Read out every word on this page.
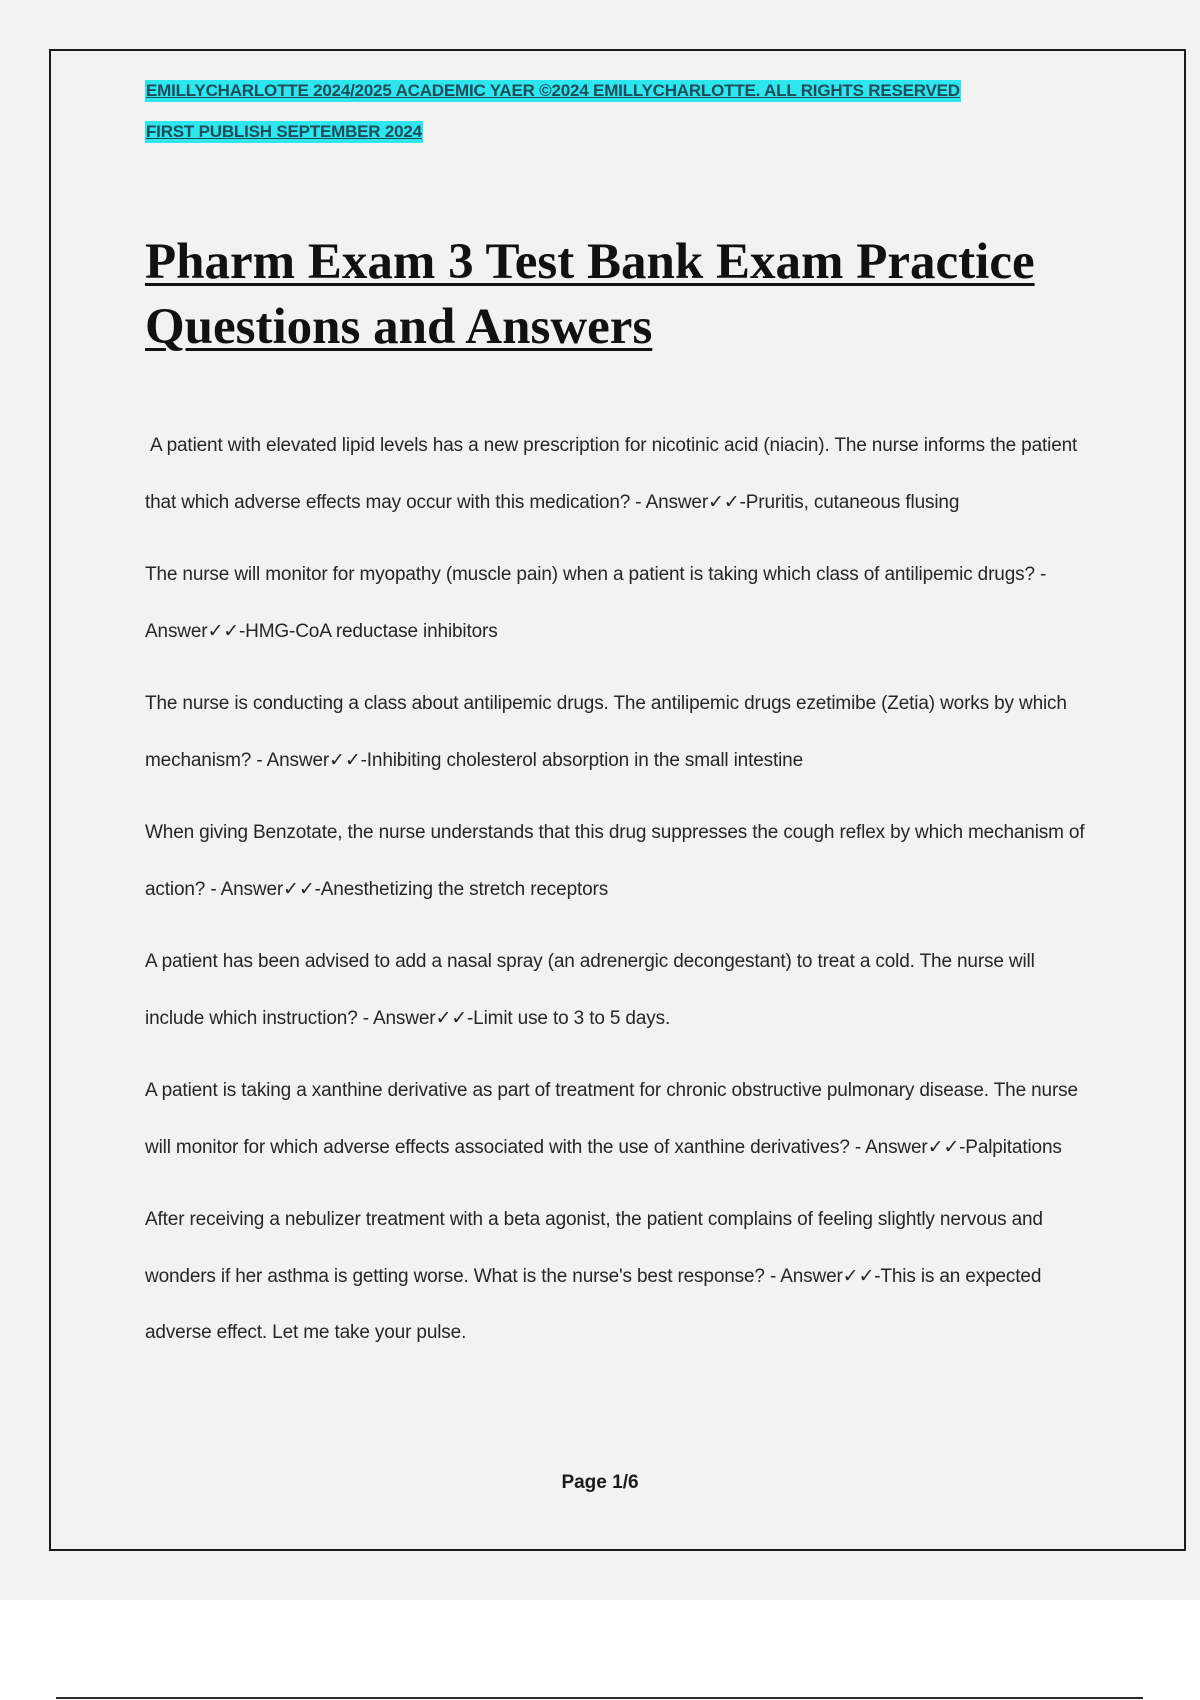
EMILLYCHARLOTTE 2024/2025 ACADEMIC YAER ©2024 EMILLYCHARLOTTE. ALL RIGHTS RESERVED
FIRST PUBLISH SEPTEMBER 2024
Pharm Exam 3 Test Bank Exam Practice
Questions and Answers

A patient with elevated lipid levels has a new prescription for nicotinic acid (niacin). The nurse informs the patient that which adverse effects may occur with this medication? - Answer✓✓-Pruritis, cutaneous flusing

The nurse will monitor for myopathy (muscle pain) when a patient is taking which class of antilipemic drugs? - Answer✓✓-HMG-CoA reductase inhibitors

The nurse is conducting a class about antilipemic drugs. The antilipemic drugs ezetimibe (Zetia) works by which mechanism? - Answer✓✓-Inhibiting cholesterol absorption in the small intestine

When giving Benzotate, the nurse understands that this drug suppresses the cough reflex by which mechanism of action? - Answer✓✓-Anesthetizing the stretch receptors

A patient has been advised to add a nasal spray (an adrenergic decongestant) to treat a cold. The nurse will include which instruction? - Answer✓✓-Limit use to 3 to 5 days.

A patient is taking a xanthine derivative as part of treatment for chronic obstructive pulmonary disease. The nurse will monitor for which adverse effects associated with the use of xanthine derivatives? - Answer✓✓-Palpitations

After receiving a nebulizer treatment with a beta agonist, the patient complains of feeling slightly nervous and wonders if her asthma is getting worse. What is the nurse's best response? - Answer✓✓-This is an expected adverse effect. Let me take your pulse.

Page 1/6
